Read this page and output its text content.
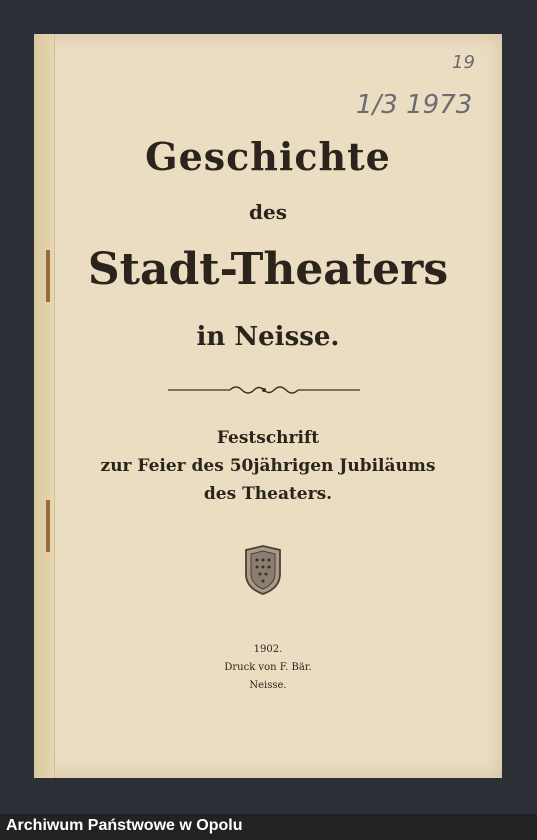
19
1/3 1973
Geschichte
des
Stadt-Theaters
in Neisse.
Festschrift
zur Feier des 50jährigen Jubiläums
des Theaters.
1902.
Druck von F. Bär.
Neisse.
Archiwum Państwowe w Opolu
